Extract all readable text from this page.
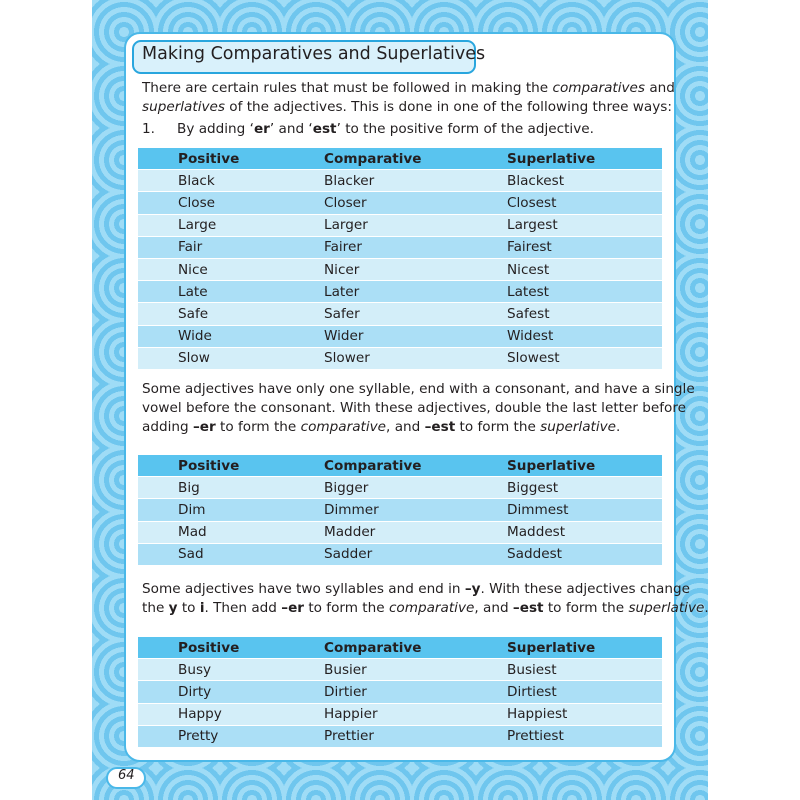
Making Comparatives and Superlatives

There are certain rules that must be followed in making the comparatives and
superlatives of the adjectives. This is done in one of the following three ways:

1. By adding ‘er’ and ‘est’ to the positive form of the adjective.
Positive	Comparative	Superlative
Black	Blacker	Blackest
Close	Closer	Closest
Large	Larger	Largest
Fair	Fairer	Fairest
Nice	Nicer	Nicest
Late	Later	Latest
Safe	Safer	Safest
Wide	Wider	Widest
Slow	Slower	Slowest

Some adjectives have only one syllable, end with a consonant, and have a single
vowel before the consonant. With these adjectives, double the last letter before
adding –er to form the comparative, and –est to form the superlative.

Positive	Comparative	Superlative
Big	Bigger	Biggest
Dim	Dimmer	Dimmest
Mad	Madder	Maddest
Sad	Sadder	Saddest

Some adjectives have two syllables and end in –y. With these adjectives change
the y to i. Then add –er to form the comparative, and –est to form the superlative.

Positive	Comparative	Superlative
Busy	Busier	Busiest
Dirty	Dirtier	Dirtiest
Happy	Happier	Happiest
Pretty	Prettier	Prettiest
64
